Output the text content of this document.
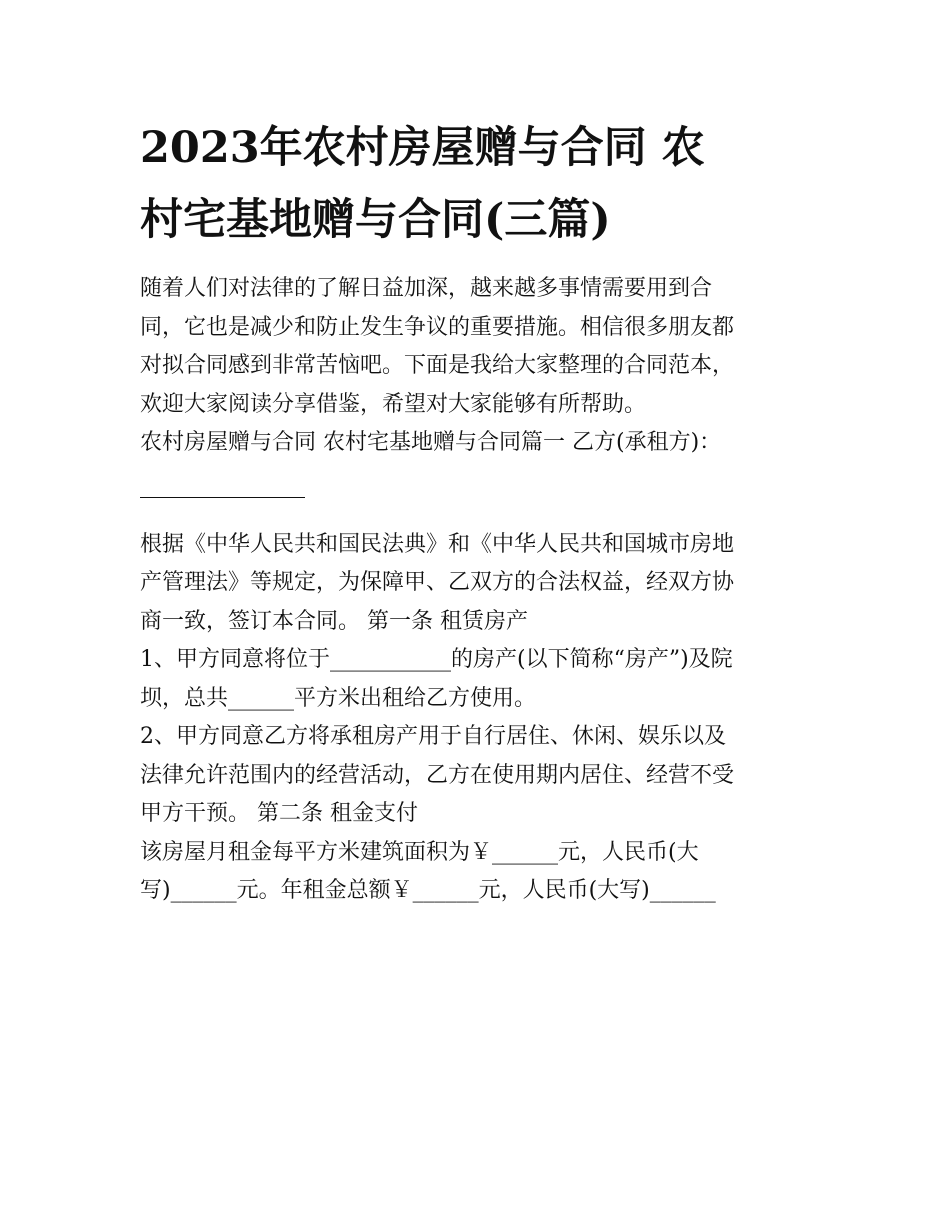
2023年农村房屋赠与合同 农
村宅基地赠与合同(三篇)

随着人们对法律的了解日益加深，越来越多事情需要用到合
同，它也是减少和防止发生争议的重要措施。相信很多朋友都
对拟合同感到非常苦恼吧。下面是我给大家整理的合同范本，
欢迎大家阅读分享借鉴，希望对大家能够有所帮助。

农村房屋赠与合同 农村宅基地赠与合同篇一 乙方(承租方)：

根据《中华人民共和国民法典》和《中华人民共和国城市房地
产管理法》等规定，为保障甲、乙双方的合法权益，经双方协
商一致，签订本合同。 第一条 租赁房产

1、甲方同意将位于___________的房产(以下简称“房产”)及院
坝，总共______平方米出租给乙方使用。

2、甲方同意乙方将承租房产用于自行居住、休闲、娱乐以及
法律允许范围内的经营活动，乙方在使用期内居住、经营不受
甲方干预。 第二条 租金支付

该房屋月租金每平方米建筑面积为￥______元，人民币(大
写)______元。年租金总额￥______元，人民币(大写)______
